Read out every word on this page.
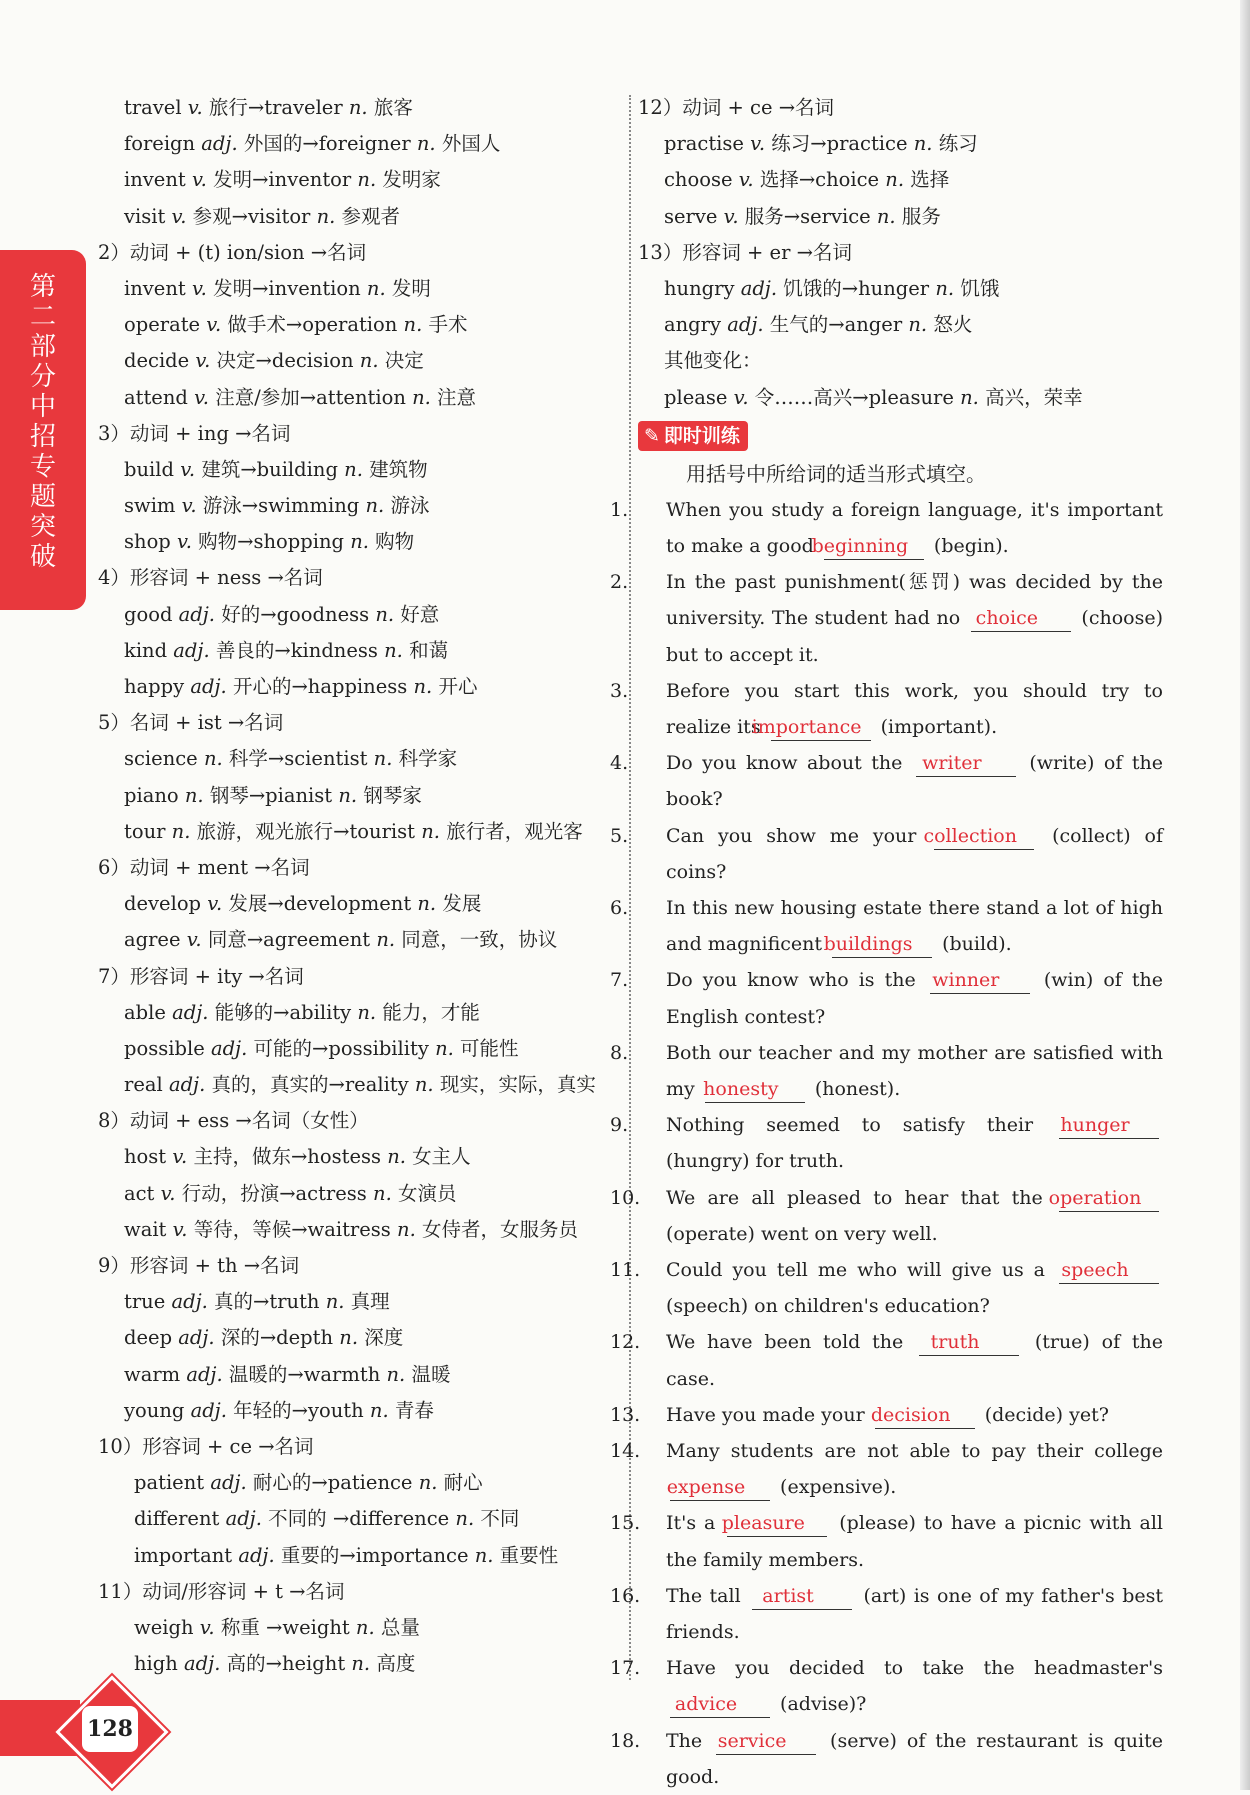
第二部分 中招专题突破
travel v. 旅行→traveler n. 旅客
foreign adj. 外国的→foreigner n. 外国人
invent v. 发明→inventor n. 发明家
visit v. 参观→visitor n. 参观者
2）动词 + (t) ion/sion →名词
invent v. 发明→invention n. 发明
operate v. 做手术→operation n. 手术
decide v. 决定→decision n. 决定
attend v. 注意/参加→attention n. 注意
3）动词 + ing →名词
build v. 建筑→building n. 建筑物
swim v. 游泳→swimming n. 游泳
shop v. 购物→shopping n. 购物
4）形容词 + ness →名词
good adj. 好的→goodness n. 好意
kind adj. 善良的→kindness n. 和蔼
happy adj. 开心的→happiness n. 开心
5）名词 + ist →名词
science n. 科学→scientist n. 科学家
piano n. 钢琴→pianist n. 钢琴家
tour n. 旅游，观光旅行→tourist n. 旅行者，观光客
6）动词 + ment →名词
develop v. 发展→development n. 发展
agree v. 同意→agreement n. 同意，一致，协议
7）形容词 + ity →名词
able adj. 能够的→ability n. 能力，才能
possible adj. 可能的→possibility n. 可能性
real adj. 真的，真实的→reality n. 现实，实际，真实
8）动词 + ess →名词（女性）
host v. 主持，做东→hostess n. 女主人
act v. 行动，扮演→actress n. 女演员
wait v. 等待，等候→waitress n. 女侍者，女服务员
9）形容词 + th →名词
true adj. 真的→truth n. 真理
deep adj. 深的→depth n. 深度
warm adj. 温暖的→warmth n. 温暖
young adj. 年轻的→youth n. 青春
10）形容词 + ce →名词
patient adj. 耐心的→patience n. 耐心
different adj. 不同的 →difference n. 不同
important adj. 重要的→importance n. 重要性
11）动词/形容词 + t →名词
weigh v. 称重 →weight n. 总量
high adj. 高的→height n. 高度
12）动词 + ce →名词
practise v. 练习→practice n. 练习
choose v. 选择→choice n. 选择
serve v. 服务→service n. 服务
13）形容词 + er →名词
hungry adj. 饥饿的→hunger n. 饥饿
angry adj. 生气的→anger n. 怒火
其他变化：
please v. 令……高兴→pleasure n. 高兴，荣幸
✎ 即时训练
用括号中所给词的适当形式填空。
1. When you study a foreign language, it's important to make a good beginning (begin).
2. In the past punishment(惩罚) was decided by the university. The student had no choice (choose) but to accept it.
3. Before you start this work, you should try to realize its importance (important).
4. Do you know about the writer (write) of the book?
5. Can you show me your collection (collect) of coins?
6. In this new housing estate there stand a lot of high and magnificent buildings (build).
7. Do you know who is the winner (win) of the English contest?
8. Both our teacher and my mother are satisfied with my honesty (honest).
9. Nothing seemed to satisfy their hunger (hungry) for truth.
10. We are all pleased to hear that the operation (operate) went on very well.
11. Could you tell me who will give us a speech (speech) on children's education?
12. We have been told the truth (true) of the case.
13. Have you made your decision (decide) yet?
14. Many students are not able to pay their college expense (expensive).
15. It's a pleasure (please) to have a picnic with all the family members.
16. The tall artist (art) is one of my father's best friends.
17. Have you decided to take the headmaster's advice (advise)?
18. The service (serve) of the restaurant is quite good.
128
